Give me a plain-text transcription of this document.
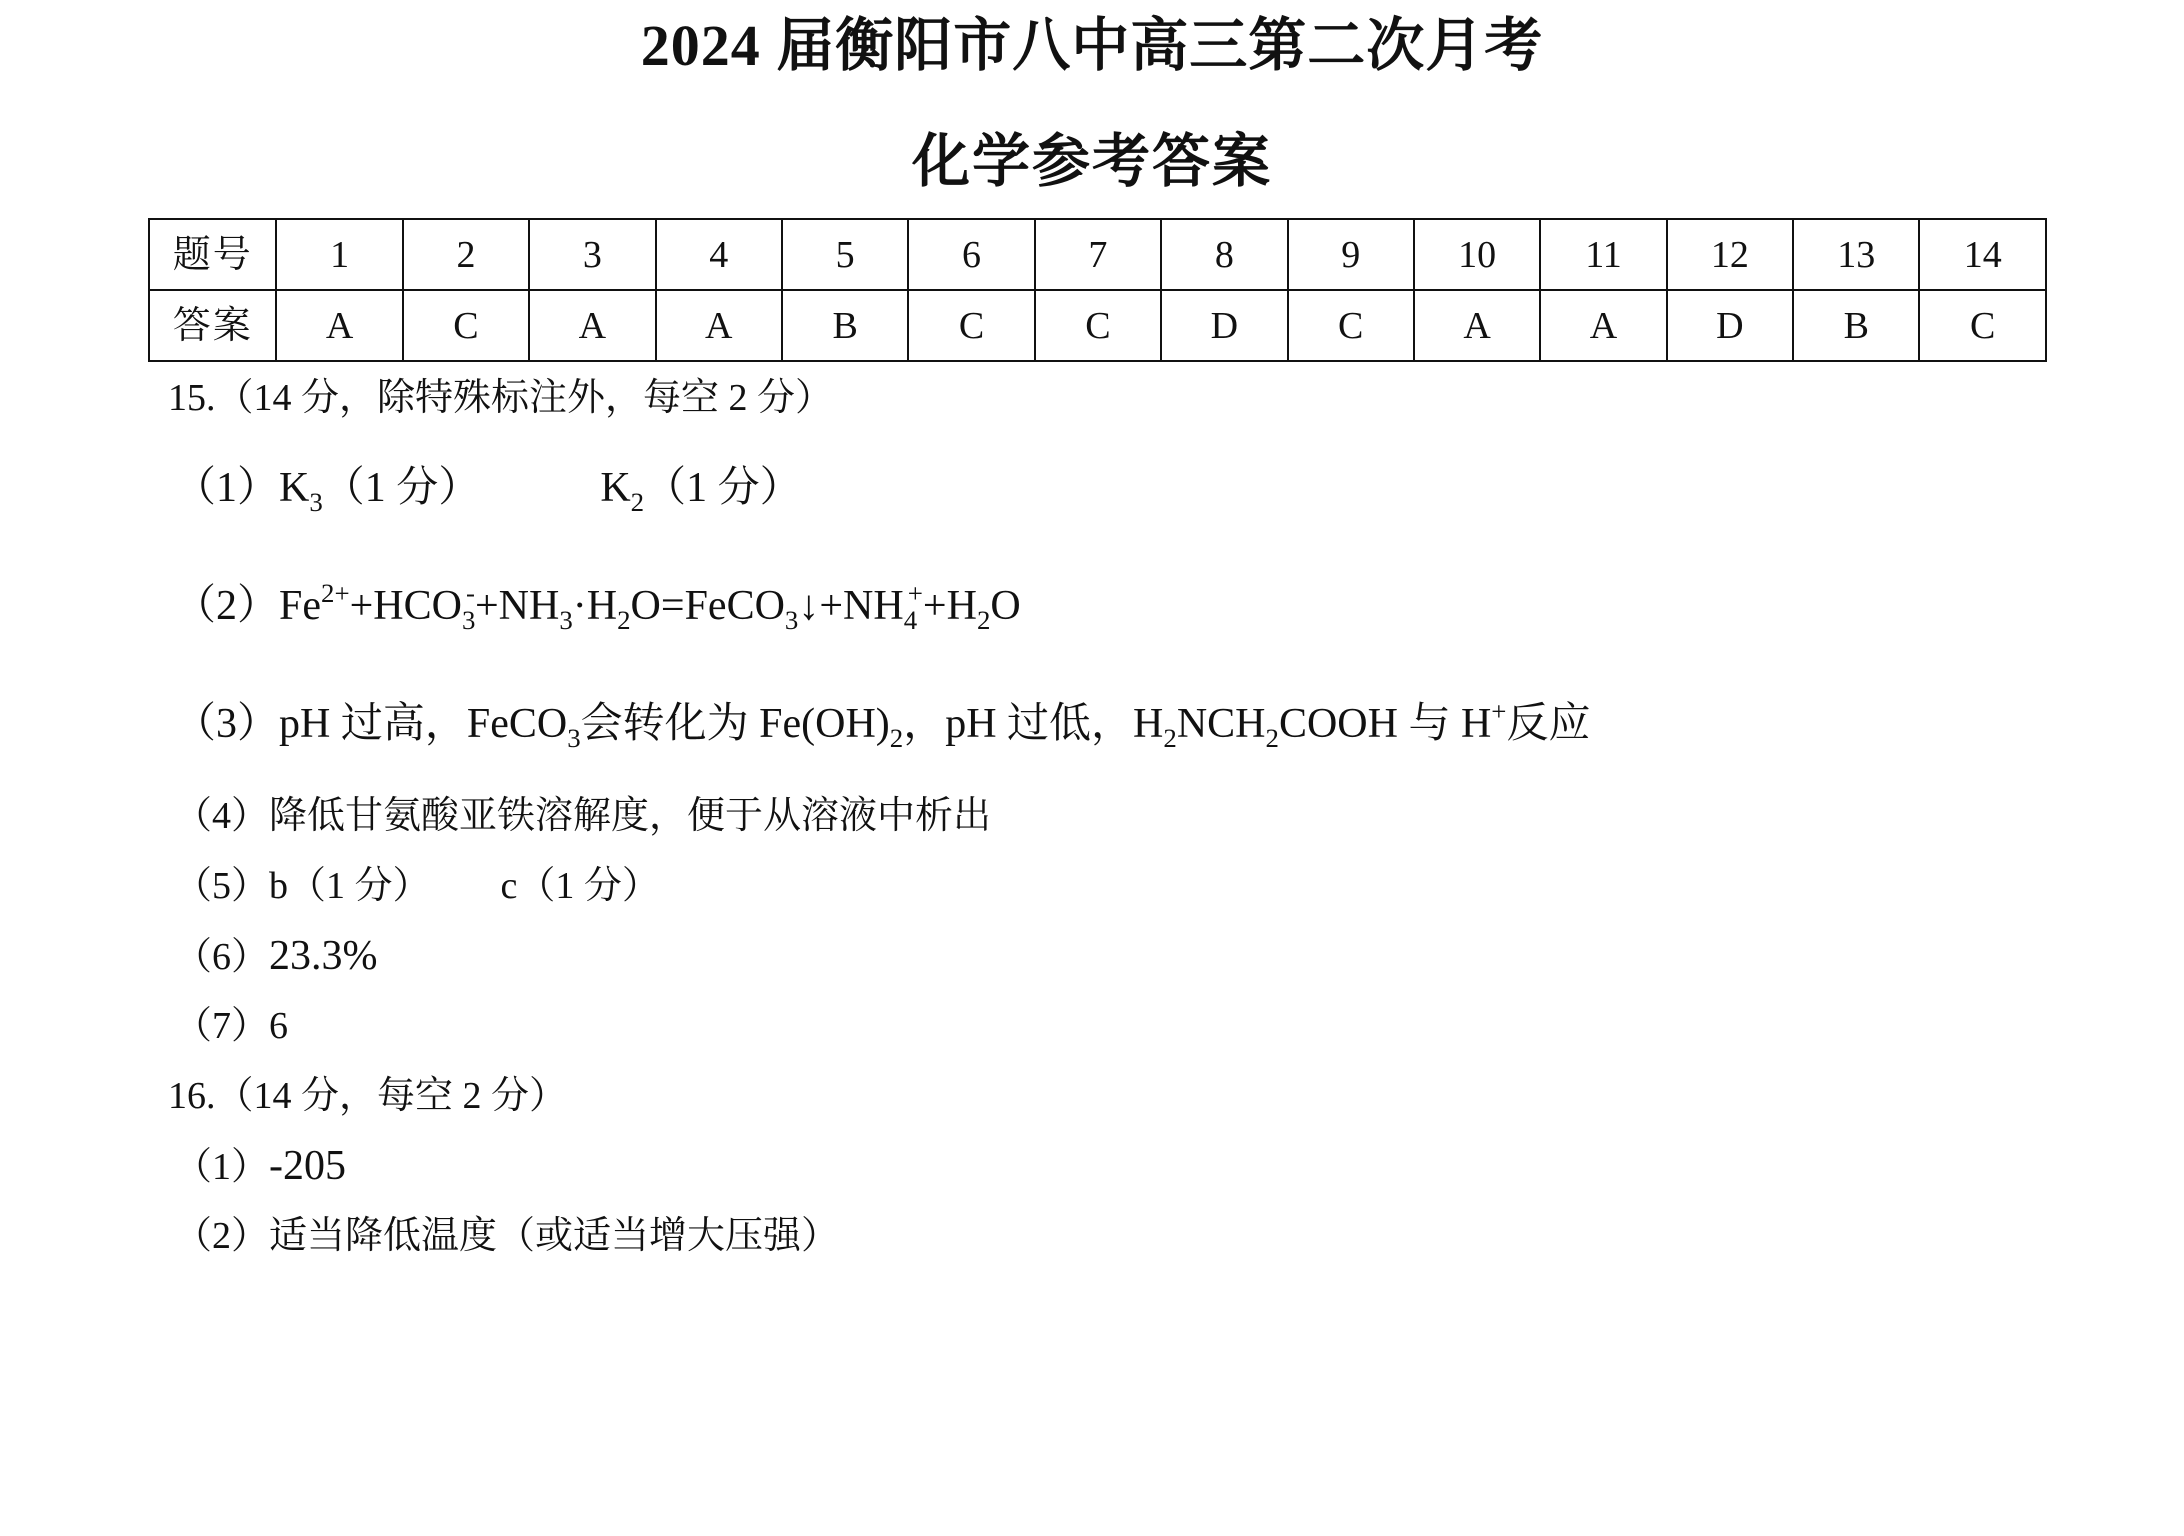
2024 届衡阳市八中高三第二次月考
化学参考答案
题号	1	2	3	4	5	6	7	8	9	10	11	12	13	14
答案	A	C	A	A	B	C	C	D	C	A	A	D	B	C
15.（14 分，除特殊标注外，每空 2 分）
$(1)K_3(1$ 分）	$K_2(1$ 分）
$(2)Fe^{2+}+HCO_3^-+NH_3\cdot H_2O=FeCO_3↓+NH_4^++H_2O$
（3）pH 过高，FeCO$_3$会转化为 $Fe(OH)_2$，pH 过低，$H_2NCH_2COOH$ 与 H+反应
（4）降低甘氨酸亚铁溶解度，便于从溶液中析出
（5）b（1 分） c（1 分）
（6）23.3%
（7）6
16.（14 分，每空 2 分）
（1）-205
（2）适当降低温度（或适当增大压强）
